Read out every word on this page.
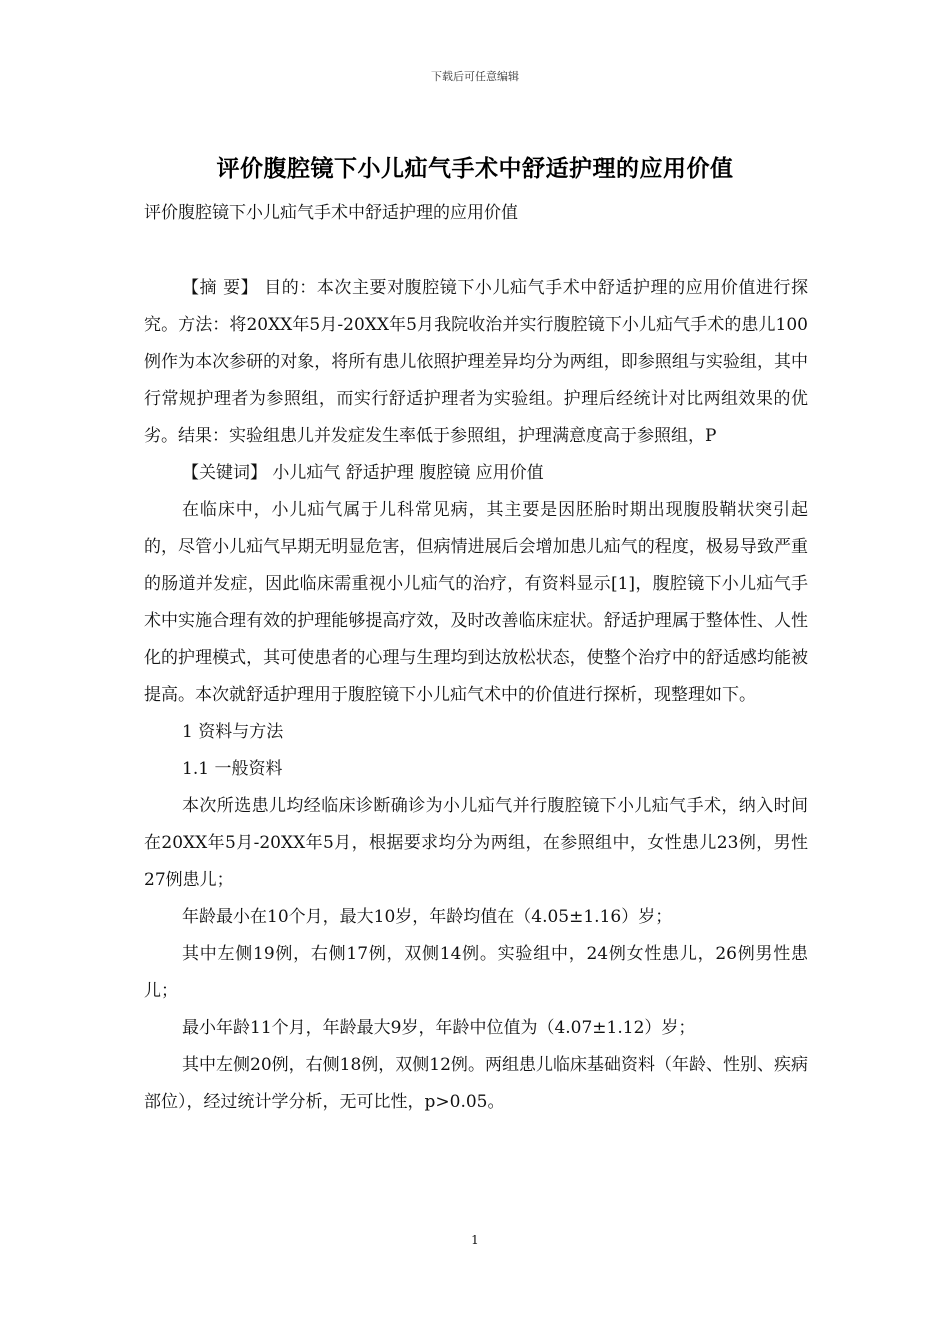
下载后可任意编辑
评价腹腔镜下小儿疝气手术中舒适护理的应用价值
评价腹腔镜下小儿疝气手术中舒适护理的应用价值

【摘 要】 目的：本次主要对腹腔镜下小儿疝气手术中舒适护理的应用价值进行探究。方法：将20XX年5月-20XX年5月我院收治并实行腹腔镜下小儿疝气手术的患儿100例作为本次参研的对象，将所有患儿依照护理差异均分为两组，即参照组与实验组，其中行常规护理者为参照组，而实行舒适护理者为实验组。护理后经统计对比两组效果的优劣。结果：实验组患儿并发症发生率低于参照组，护理满意度高于参照组，P

【关键词】 小儿疝气 舒适护理 腹腔镜 应用价值

在临床中，小儿疝气属于儿科常见病，其主要是因胚胎时期出现腹股鞘状突引起的，尽管小儿疝气早期无明显危害，但病情进展后会增加患儿疝气的程度，极易导致严重的肠道并发症，因此临床需重视小儿疝气的治疗，有资料显示[1]，腹腔镜下小儿疝气手术中实施合理有效的护理能够提高疗效，及时改善临床症状。舒适护理属于整体性、人性化的护理模式，其可使患者的心理与生理均到达放松状态，使整个治疗中的舒适感均能被提高。本次就舒适护理用于腹腔镜下小儿疝气术中的价值进行探析，现整理如下。

1 资料与方法

1.1 一般资料

本次所选患儿均经临床诊断确诊为小儿疝气并行腹腔镜下小儿疝气手术，纳入时间在20XX年5月-20XX年5月，根据要求均分为两组，在参照组中，女性患儿23例，男性27例患儿；

年龄最小在10个月，最大10岁，年龄均值在（4.05±1.16）岁；

其中左侧19例，右侧17例，双侧14例。实验组中，24例女性患儿，26例男性患儿；

最小年龄11个月，年龄最大9岁，年龄中位值为（4.07±1.12）岁；

其中左侧20例，右侧18例，双侧12例。两组患儿临床基础资料（年龄、性别、疾病部位），经过统计学分析，无可比性，p>0.05。

1
